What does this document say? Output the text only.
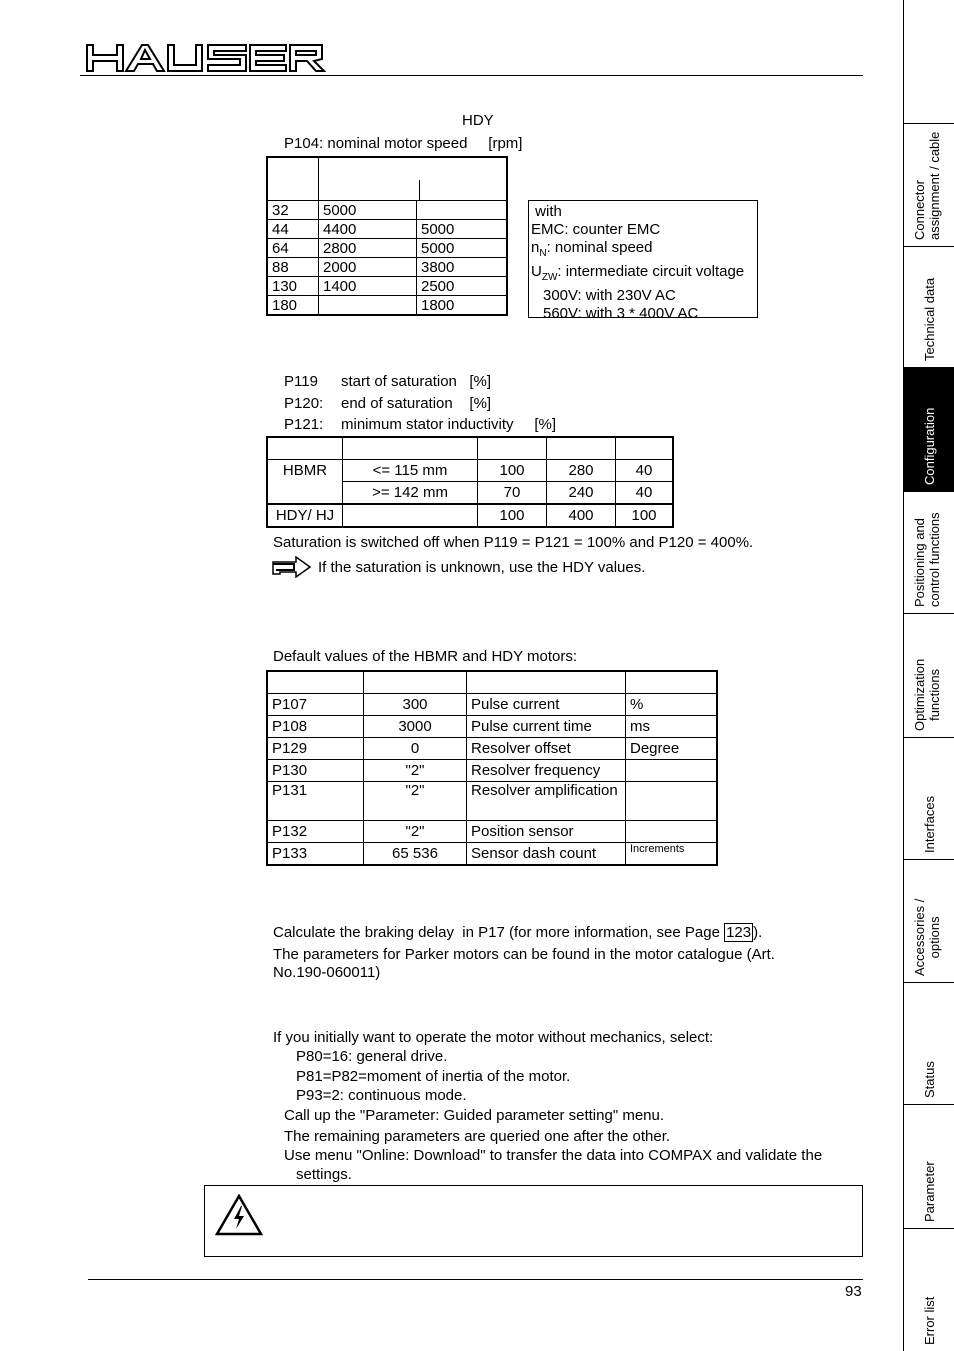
HDY
P104: nominal motor speed     [rpm]

32	5000	
44	4400	5000
64	2800	5000
88	2000	3800
130	1400	2500
180		1800
with
EMC: counter EMC
$n_N$: nominal speed
$U_{ZW}$: intermediate circuit voltage
300V: with 230V AC
560V: with 3 * 400V AC
P119 start of saturation   [%]
P120: end of saturation    [%]
P121: minimum stator inductivity     [%]

HBMR	<= 115 mm	100	280	40
	>= 142 mm	70	240	40
HDY/ HJ		100	400	100
Saturation is switched off when P119 = P121 = 100% and P120 = 400%.
If the saturation is unknown, use the HDY values.
Default values of the HBMR and HDY motors:

P107	300	Pulse current	%
P108	3000	Pulse current time	ms
P129	0	Resolver offset	Degree
P130	"2"	Resolver frequency	
P131	"2"	Resolver amplification	
P132	"2"	Position sensor	
P133	65 536	Sensor dash count	Increments
Calculate the braking delay  in P17 (for more information, see Page 123 ).
The parameters for Parker motors can be found in the motor catalogue (Art.
No.190-060011)
If you initially want to operate the motor without mechanics, select:
P80=16: general drive.
P81=P82=moment of inertia of the motor.
P93=2: continuous mode.
Call up the "Parameter: Guided parameter setting" menu.
The remaining parameters are queried one after the other.
Use menu "Online: Download" to transfer the data into COMPAX and validate the
settings.
93
Connector
assignment / cable
Technical data
Configuration
Positioning and
control functions
Optimization
functions
Interfaces
Accessories /
options
Status
Parameter
Error list
